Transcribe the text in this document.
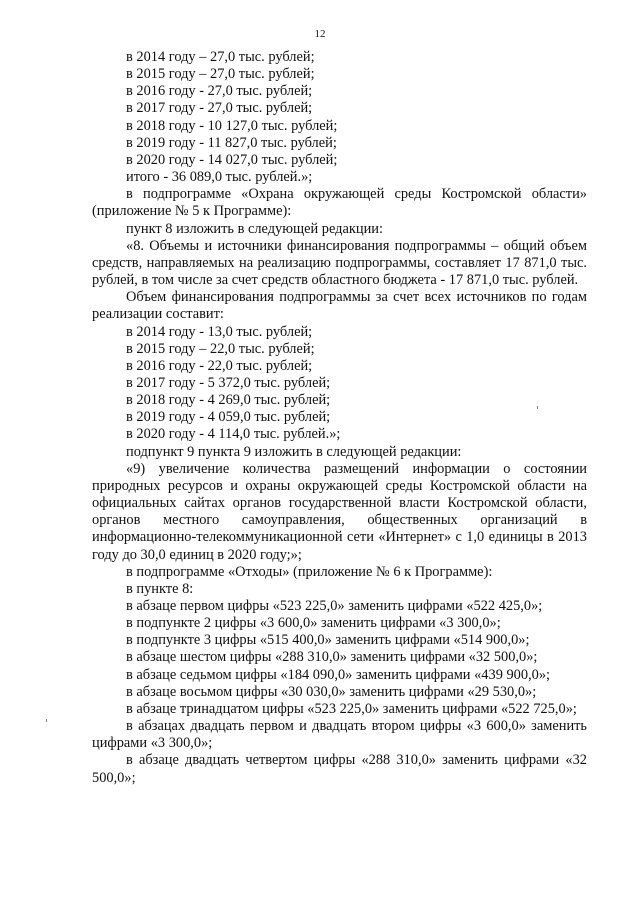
12

в 2014 году – 27,0 тыс. рублей;

в 2015 году – 27,0 тыс. рублей;

в 2016 году - 27,0 тыс. рублей;

в 2017 году - 27,0 тыс. рублей;

в 2018 году - 10 127,0 тыс. рублей;

в 2019 году - 11 827,0 тыс. рублей;

в 2020 году - 14 027,0 тыс. рублей;

итого - 36 089,0 тыс. рублей.»;

в подпрограмме «Охрана окружающей среды Костромской области» (приложение № 5 к Программе):

пункт 8 изложить в следующей редакции:

«8. Объемы и источники финансирования подпрограммы – общий объем средств, направляемых на реализацию подпрограммы, составляет 17 871,0 тыс. рублей, в том числе за счет средств областного бюджета - 17 871,0 тыс. рублей.

Объем финансирования подпрограммы за счет всех источников по годам реализации составит:

в 2014 году - 13,0 тыс. рублей;

в 2015 году – 22,0 тыс. рублей;

в 2016 году - 22,0 тыс. рублей;

в 2017 году - 5 372,0 тыс. рублей;

в 2018 году - 4 269,0 тыс. рублей;

в 2019 году - 4 059,0 тыс. рублей;

в 2020 году - 4 114,0 тыс. рублей.»;

подпункт 9 пункта 9 изложить в следующей редакции:

«9) увеличение количества размещений информации о состоянии природных ресурсов и охраны окружающей среды Костромской области на официальных сайтах органов государственной власти Костромской области, органов местного самоуправления, общественных организаций в информационно-телекоммуникационной сети «Интернет» с 1,0 единицы в 2013 году до 30,0 единиц в 2020 году;»;

в подпрограмме «Отходы» (приложение № 6 к Программе):

в пункте 8:

в абзаце первом цифры «523 225,0» заменить цифрами «522 425,0»;

в подпункте 2 цифры «3 600,0» заменить цифрами «3 300,0»;

в подпункте 3 цифры «515 400,0» заменить цифрами «514 900,0»;

в абзаце шестом цифры «288 310,0» заменить цифрами «32 500,0»;

в абзаце седьмом цифры «184 090,0» заменить цифрами «439 900,0»;

в абзаце восьмом цифры «30 030,0» заменить цифрами «29 530,0»;

в абзаце тринадцатом цифры «523 225,0» заменить цифрами «522 725,0»;

в абзацах двадцать первом и двадцать втором цифры «3 600,0» заменить цифрами «3 300,0»;

в абзаце двадцать четвертом цифры «288 310,0» заменить цифрами «32 500,0»;
